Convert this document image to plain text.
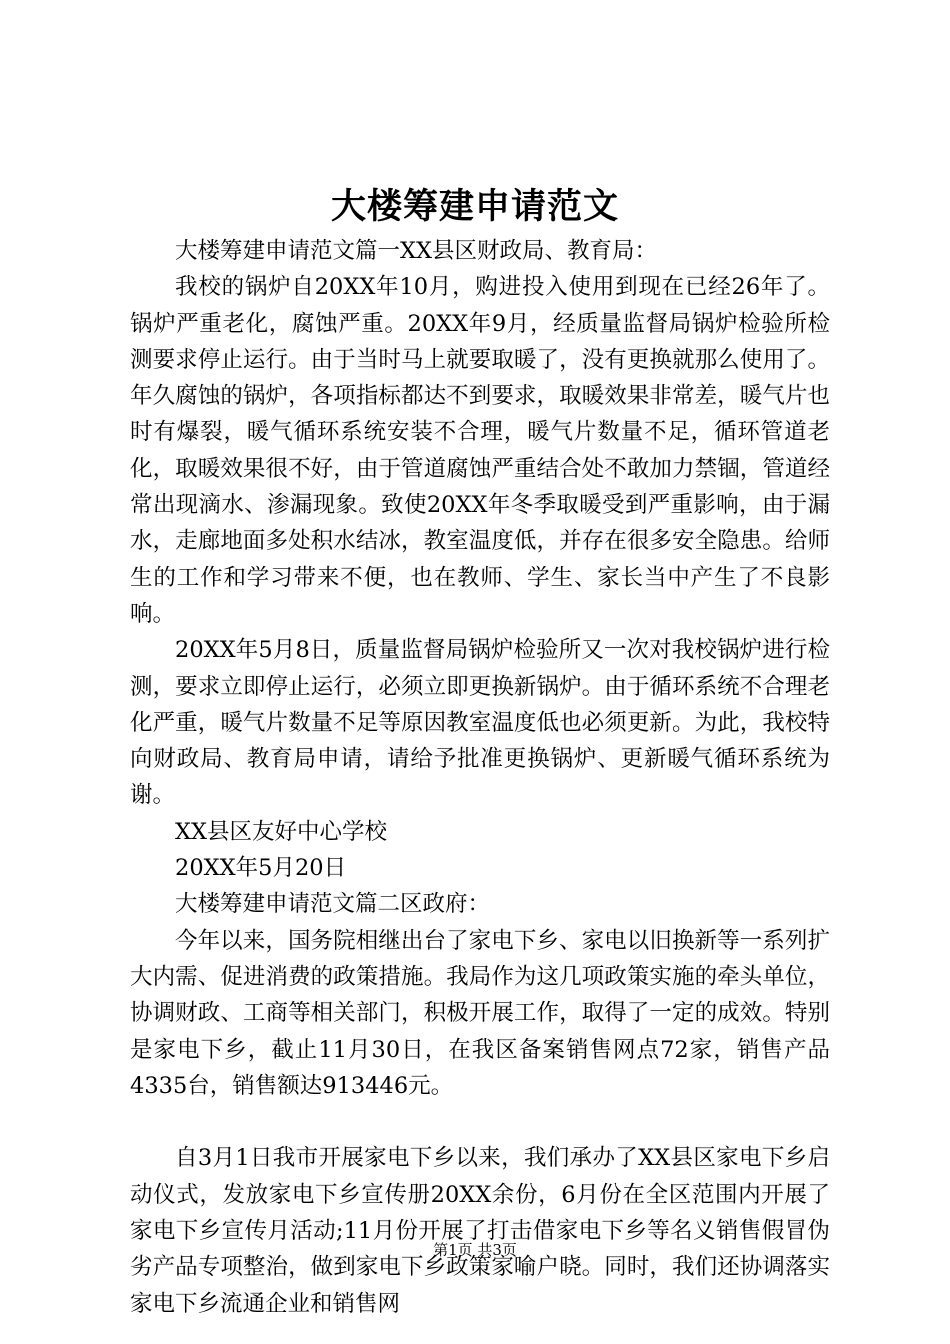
大楼筹建申请范文

大楼筹建申请范文篇一XX县区财政局、教育局：

我校的锅炉自20XX年10月，购进投入使用到现在已经26年了。锅炉严重老化，腐蚀严重。20XX年9月，经质量监督局锅炉检验所检测要求停止运行。由于当时马上就要取暖了，没有更换就那么使用了。年久腐蚀的锅炉，各项指标都达不到要求，取暖效果非常差，暖气片也时有爆裂，暖气循环系统安装不合理，暖气片数量不足，循环管道老化，取暖效果很不好，由于管道腐蚀严重结合处不敢加力禁锢，管道经常出现滴水、渗漏现象。致使20XX年冬季取暖受到严重影响，由于漏水，走廊地面多处积水结冰，教室温度低，并存在很多安全隐患。给师生的工作和学习带来不便，也在教师、学生、家长当中产生了不良影响。

20XX年5月8日，质量监督局锅炉检验所又一次对我校锅炉进行检测，要求立即停止运行，必须立即更换新锅炉。由于循环系统不合理老化严重，暖气片数量不足等原因教室温度低也必须更新。为此，我校特向财政局、教育局申请，请给予批准更换锅炉、更新暖气循环系统为谢。

XX县区友好中心学校

20XX年5月20日

大楼筹建申请范文篇二区政府：

今年以来，国务院相继出台了家电下乡、家电以旧换新等一系列扩大内需、促进消费的政策措施。我局作为这几项政策实施的牵头单位，协调财政、工商等相关部门，积极开展工作，取得了一定的成效。特别是家电下乡，截止11月30日，在我区备案销售网点72家，销售产品4335台，销售额达913446元。

自3月1日我市开展家电下乡以来，我们承办了XX县区家电下乡启动仪式，发放家电下乡宣传册20XX余份，6月份在全区范围内开展了家电下乡宣传月活动;11月份开展了打击借家电下乡等名义销售假冒伪劣产品专项整治，做到家电下乡政策家喻户晓。同时，我们还协调落实家电下乡流通企业和销售网

第1页 共3页
